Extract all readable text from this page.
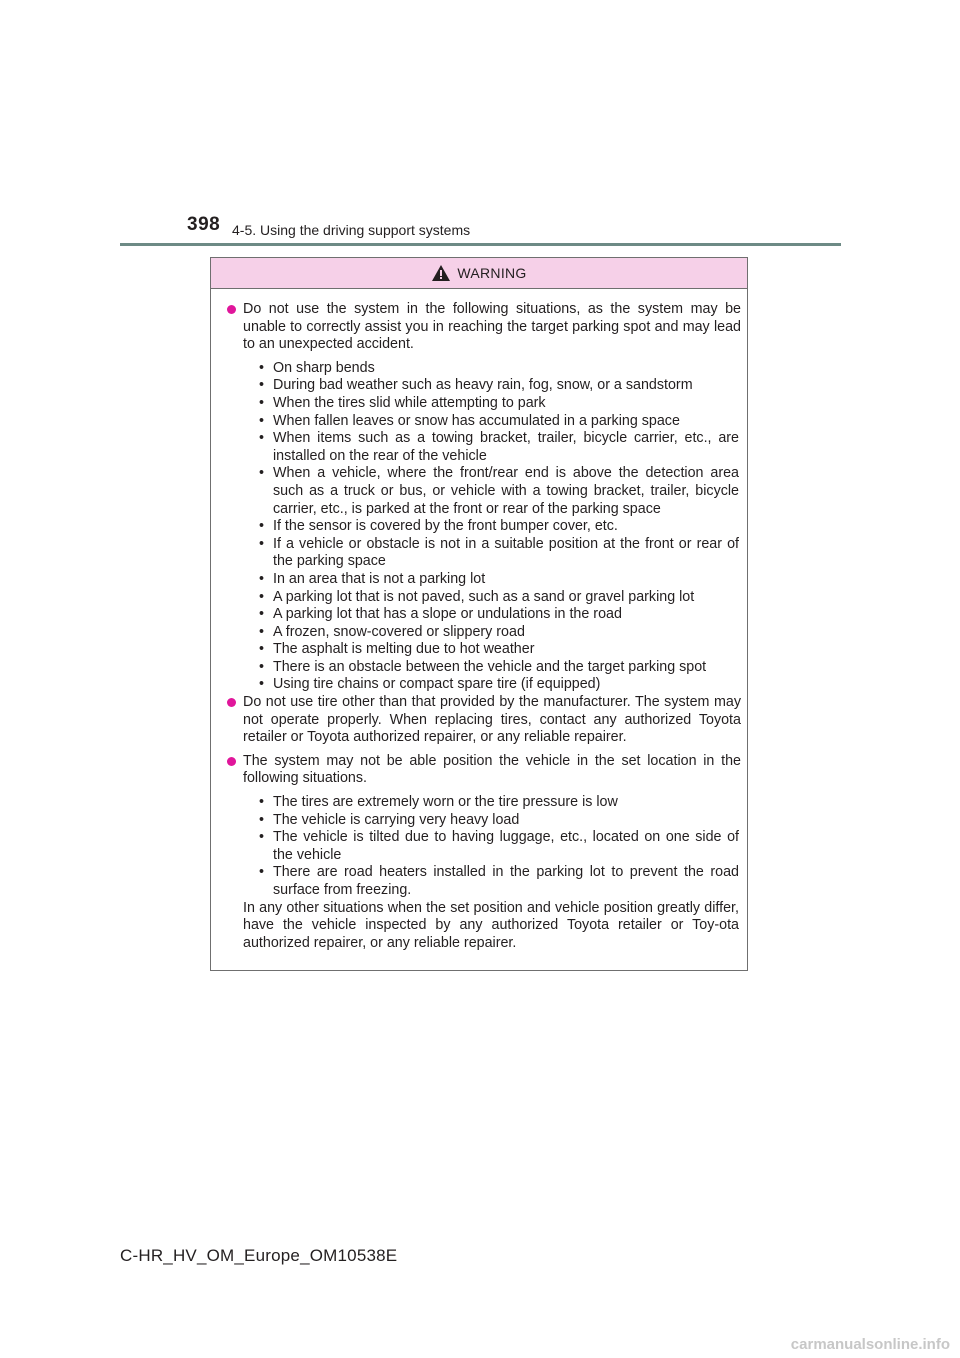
398 4-5. Using the driving support systems
WARNING
Do not use the system in the following situations, as the system may be unable to correctly assist you in reaching the target parking spot and may lead to an unexpected accident.
• On sharp bends
• During bad weather such as heavy rain, fog, snow, or a sandstorm
• When the tires slid while attempting to park
• When fallen leaves or snow has accumulated in a parking space
• When items such as a towing bracket, trailer, bicycle carrier, etc., are installed on the rear of the vehicle
• When a vehicle, where the front/rear end is above the detection area such as a truck or bus, or vehicle with a towing bracket, trailer, bicycle carrier, etc., is parked at the front or rear of the parking space
• If the sensor is covered by the front bumper cover, etc.
• If a vehicle or obstacle is not in a suitable position at the front or rear of the parking space
• In an area that is not a parking lot
• A parking lot that is not paved, such as a sand or gravel parking lot
• A parking lot that has a slope or undulations in the road
• A frozen, snow-covered or slippery road
• The asphalt is melting due to hot weather
• There is an obstacle between the vehicle and the target parking spot
• Using tire chains or compact spare tire (if equipped)
Do not use tire other than that provided by the manufacturer. The system may not operate properly. When replacing tires, contact any authorized Toyota retailer or Toyota authorized repairer, or any reliable repairer.
The system may not be able position the vehicle in the set location in the following situations.
• The tires are extremely worn or the tire pressure is low
• The vehicle is carrying very heavy load
• The vehicle is tilted due to having luggage, etc., located on one side of the vehicle
• There are road heaters installed in the parking lot to prevent the road surface from freezing.
In any other situations when the set position and vehicle position greatly differ, have the vehicle inspected by any authorized Toyota retailer or Toy-ota authorized repairer, or any reliable repairer.
C-HR_HV_OM_Europe_OM10538E
carmanualsonline.info
